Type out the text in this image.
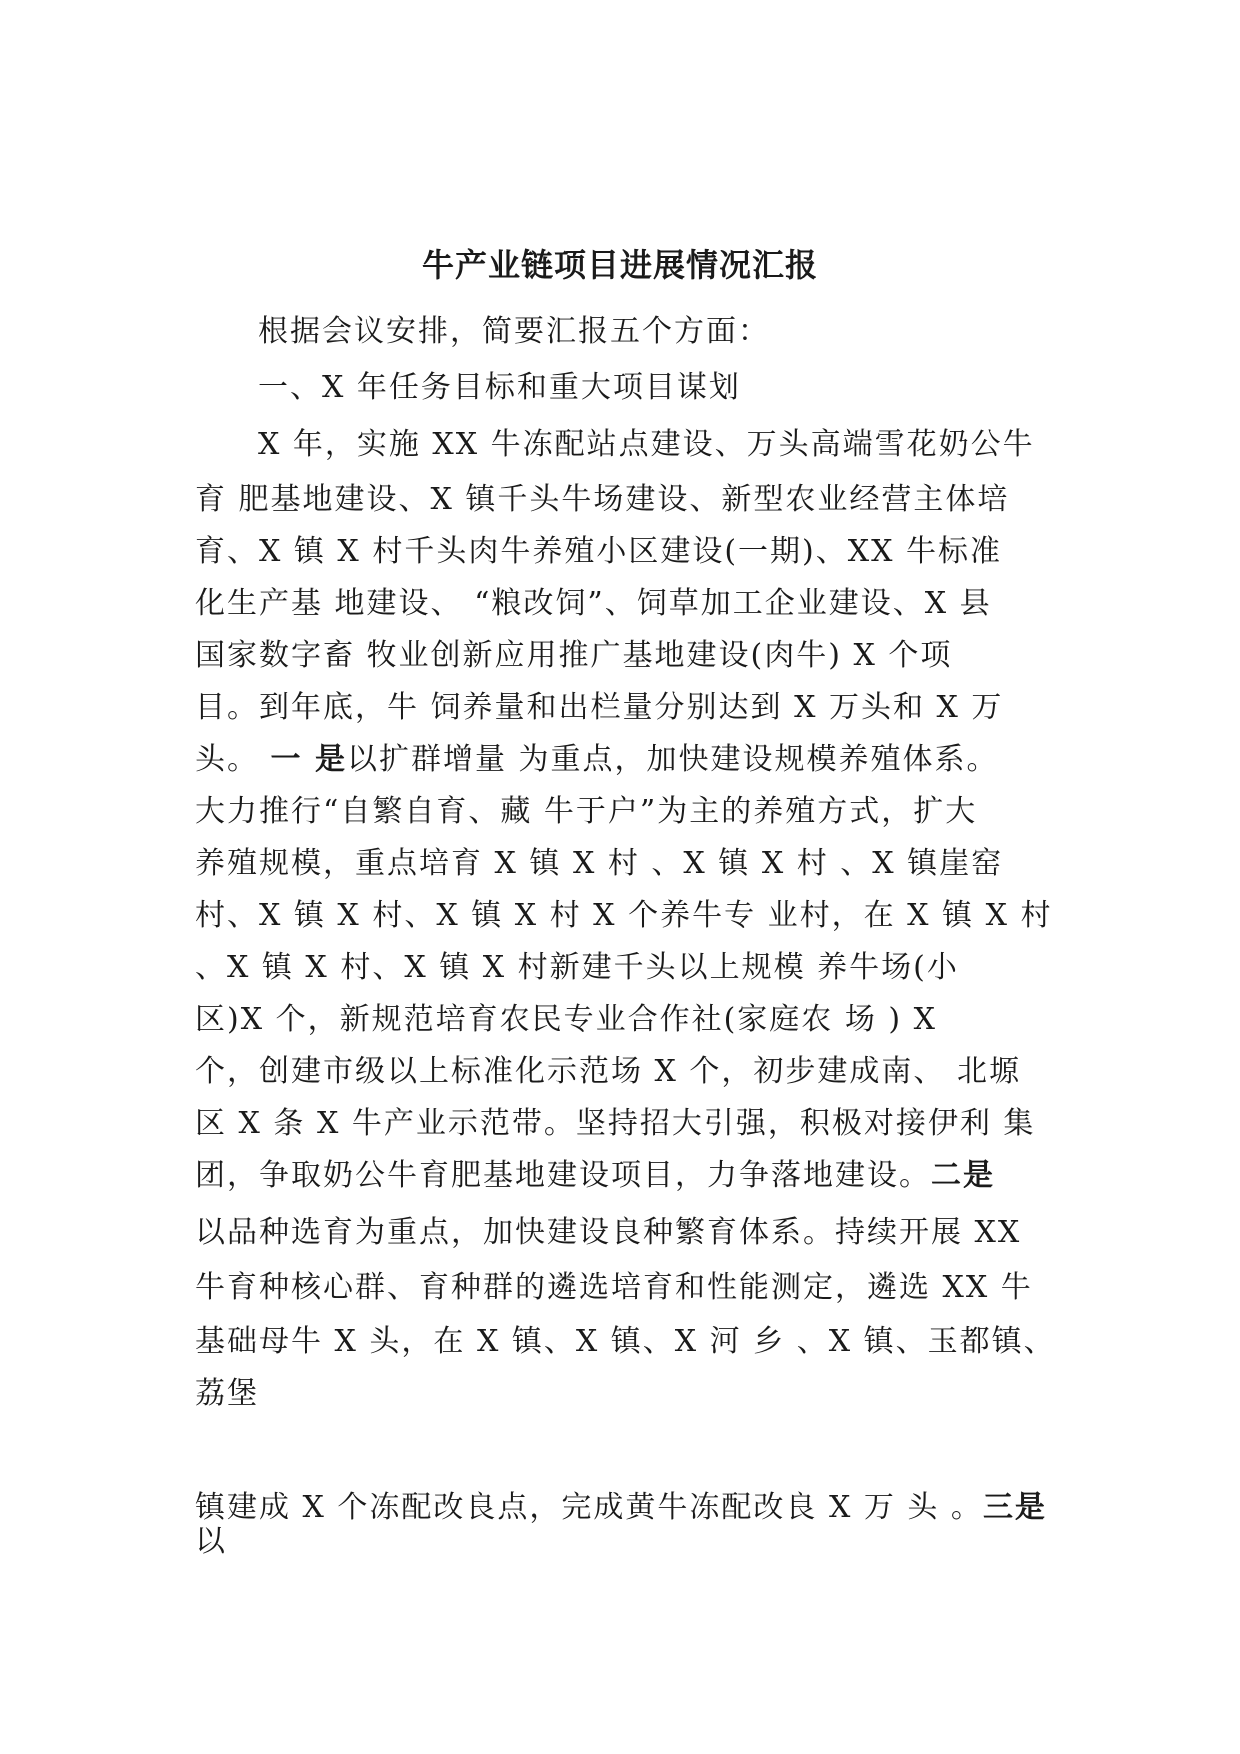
牛产业链项目进展情况汇报
根据会议安排，简要汇报五个方面：
一、X 年任务目标和重大项目谋划
X 年，实施 XX 牛冻配站点建设、万头高端雪花奶公牛
育 肥基地建设、X 镇千头牛场建设、新型农业经营主体培
育、X 镇 X 村千头肉牛养殖小区建设(一期)、XX 牛标准
化生产基 地建设、 “粮改饲”、饲草加工企业建设、X 县
国家数字畜 牧业创新应用推广基地建设(肉牛) X 个项
目。到年底，牛 饲养量和出栏量分别达到 X 万头和 X 万
头。 一 是以扩群增量 为重点，加快建设规模养殖体系。
大力推行“自繁自育、藏 牛于户”为主的养殖方式，扩大
养殖规模，重点培育 X 镇 X 村 、X 镇 X 村 、X 镇崖窑
村、X 镇 X 村、X 镇 X 村 X 个养牛专 业村，在 X 镇 X 村
、X 镇 X 村、X 镇 X 村新建千头以上规模 养牛场(小
区)X 个，新规范培育农民专业合作社(家庭农 场 ) X
个，创建市级以上标准化示范场 X 个，初步建成南、 北塬
区 X 条 X 牛产业示范带。坚持招大引强，积极对接伊利 集
团，争取奶公牛育肥基地建设项目，力争落地建设。二是
以品种选育为重点，加快建设良种繁育体系。持续开展 XX
牛育种核心群、育种群的遴选培育和性能测定，遴选 XX 牛
基础母牛 X 头，在 X 镇、X 镇、X 河 乡 、X 镇、玉都镇、
荔堡
镇建成 X 个冻配改良点，完成黄牛冻配改良 X 万 头 。三是
以
